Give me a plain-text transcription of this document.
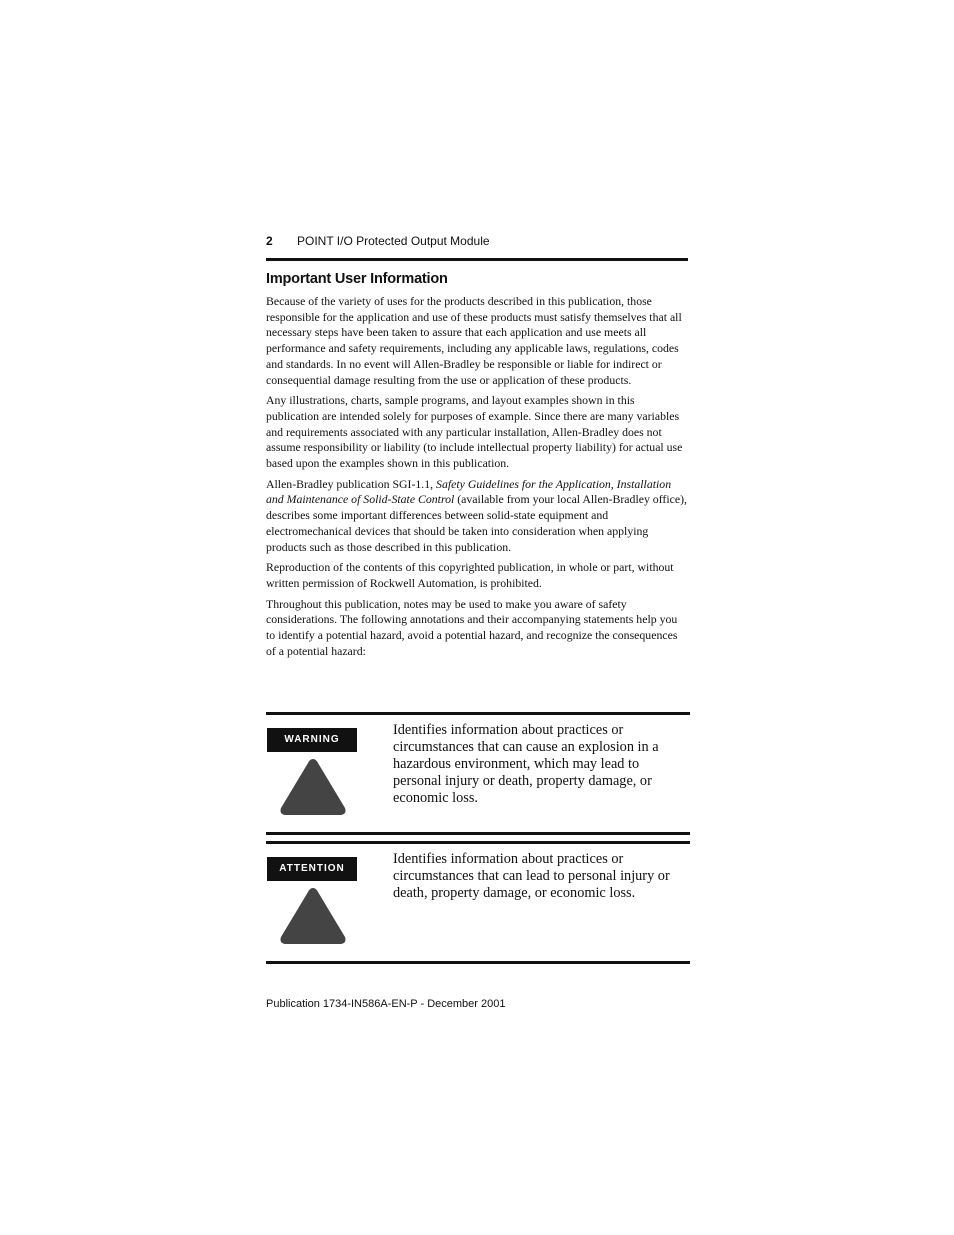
2 POINT I/O Protected Output Module
Important User Information

Because of the variety of uses for the products described in this publication, those responsible for the application and use of these products must satisfy themselves that all necessary steps have been taken to assure that each application and use meets all performance and safety requirements, including any applicable laws, regulations, codes and standards. In no event will Allen-Bradley be responsible or liable for indirect or consequential damage resulting from the use or application of these products.

Any illustrations, charts, sample programs, and layout examples shown in this publication are intended solely for purposes of example. Since there are many variables and requirements associated with any particular installation, Allen-Bradley does not assume responsibility or liability (to include intellectual property liability) for actual use based upon the examples shown in this publication.

Allen-Bradley publication SGI-1.1, Safety Guidelines for the Application, Installation and Maintenance of Solid-State Control (available from your local Allen-Bradley office), describes some important differences between solid-state equipment and electromechanical devices that should be taken into consideration when applying products such as those described in this publication.

Reproduction of the contents of this copyrighted publication, in whole or part, without written permission of Rockwell Automation, is prohibited.

Throughout this publication, notes may be used to make you aware of safety considerations. The following annotations and their accompanying statements help you to identify a potential hazard, avoid a potential hazard, and recognize the consequences of a potential hazard:

WARNING
Identifies information about practices or circumstances that can cause an explosion in a hazardous environment, which may lead to personal injury or death, property damage, or economic loss.
ATTENTION
Identifies information about practices or circumstances that can lead to personal injury or death, property damage, or economic loss.
Publication 1734-IN586A-EN-P - December 2001
